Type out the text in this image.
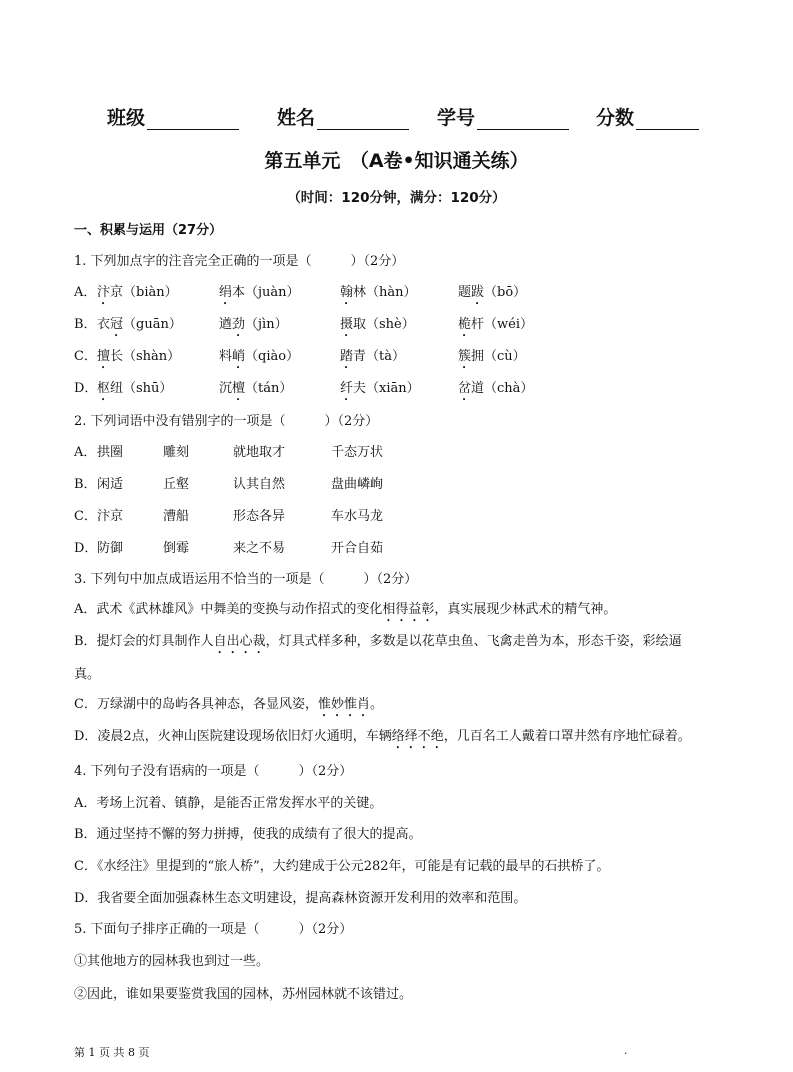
班级	姓名	学号	分数
第五单元　（A卷•知识通关练）
（时间：120分钟，满分：120分）
一、积累与运用（27分）
1. 下列加点字的注音完全正确的一项是（　　　）（2分）
A． 汴京（biàn）	绢本（juàn）	翰林（hàn）	题跋（bō）
B． 衣冠（guān）	遒劲（jìn）	摄取（shè）	桅杆（wéi）
C． 擅长（shàn）	料峭（qiào）	踏青（tà）	簇拥（cù）
D． 枢纽（shū）	沉檀（tán）	纤夫（xiān）	岔道（chà）
2. 下列词语中没有错别字的一项是（　　　）（2分）
A． 拱圈	雕刻	就地取才	千态万状
B． 闲适	丘壑	认其自然	盘曲嶙峋
C． 汴京	漕船	形态各异	车水马龙
D． 防御	倒霉	来之不易	开合自茹
3. 下列句中加点成语运用不恰当的一项是（　　　）（2分）
A．武术《武林雄风》中舞美的变换与动作招式的变化相得益彰，真实展现少林武术的精气神。
B．提灯会的灯具制作人自出心裁，灯具式样多种，多数是以花草虫鱼、飞禽走兽为本，形态千姿，彩绘逼
真。
C．万绿湖中的岛屿各具神态，各显风姿，惟妙惟肖。
D．凌晨2点，火神山医院建设现场依旧灯火通明，车辆络绎不绝，几百名工人戴着口罩井然有序地忙碌着。
4. 下列句子没有语病的一项是（　　　）（2分）
A．考场上沉着、镇静，是能否正常发挥水平的关键。
B．通过坚持不懈的努力拼搏，使我的成绩有了很大的提高。
C．《水经注》里提到的“旅人桥”，大约建成于公元282年，可能是有记载的最早的石拱桥了。
D．我省要全面加强森林生态文明建设，提高森林资源开发利用的效率和范围。
5. 下面句子排序正确的一项是（　　　）（2分）
①其他地方的园林我也到过一些。
②因此，谁如果要鉴赏我国的园林，苏州园林就不该错过。
第 1 页 共 8 页	.
